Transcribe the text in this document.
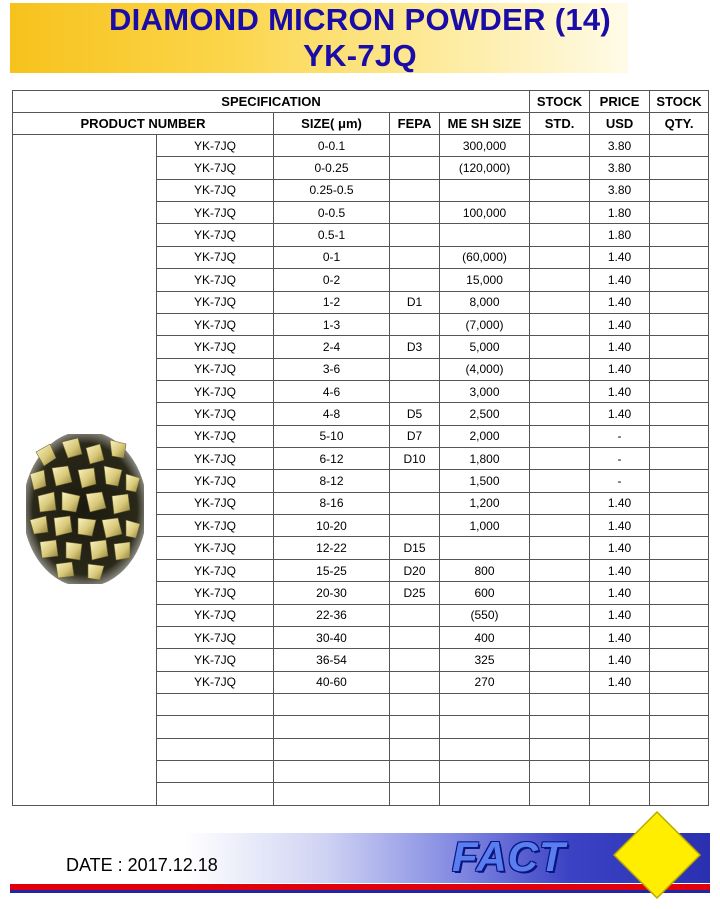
DIAMOND MICRON POWDER (14)
YK-7JQ
SPECIFICATION					STOCK	PRICE	STOCK
PRODUCT NUMBER		SIZE( μm)	FEPA	ME SH SIZE	STD.	USD	QTY.

	YK-7JQ	0-0.1		300,000		3.80	
	YK-7JQ	0-0.25		(120,000)		3.80	
	YK-7JQ	0.25-0.5				3.80	
	YK-7JQ	0-0.5		100,000		1.80	
	YK-7JQ	0.5-1				1.80	
	YK-7JQ	0-1		(60,000)		1.40	
	YK-7JQ	0-2		15,000		1.40	
	YK-7JQ	1-2	D1	8,000		1.40	
	YK-7JQ	1-3		(7,000)		1.40	
	YK-7JQ	2-4	D3	5,000		1.40	
	YK-7JQ	3-6		(4,000)		1.40	
	YK-7JQ	4-6		3,000		1.40	
	YK-7JQ	4-8	D5	2,500		1.40	
	YK-7JQ	5-10	D7	2,000		-	
	YK-7JQ	6-12	D10	1,800		-	
	YK-7JQ	8-12		1,500		-	
	YK-7JQ	8-16		1,200		1.40	
	YK-7JQ	10-20		1,000		1.40	
	YK-7JQ	12-22	D15			1.40	
	YK-7JQ	15-25	D20	800		1.40	
	YK-7JQ	20-30	D25	600		1.40	
	YK-7JQ	22-36		(550)		1.40	
	YK-7JQ	30-40		400		1.40	
	YK-7JQ	36-54		325		1.40	
	YK-7JQ	40-60		270		1.40	

DATE : 2017.12.18	FACT
